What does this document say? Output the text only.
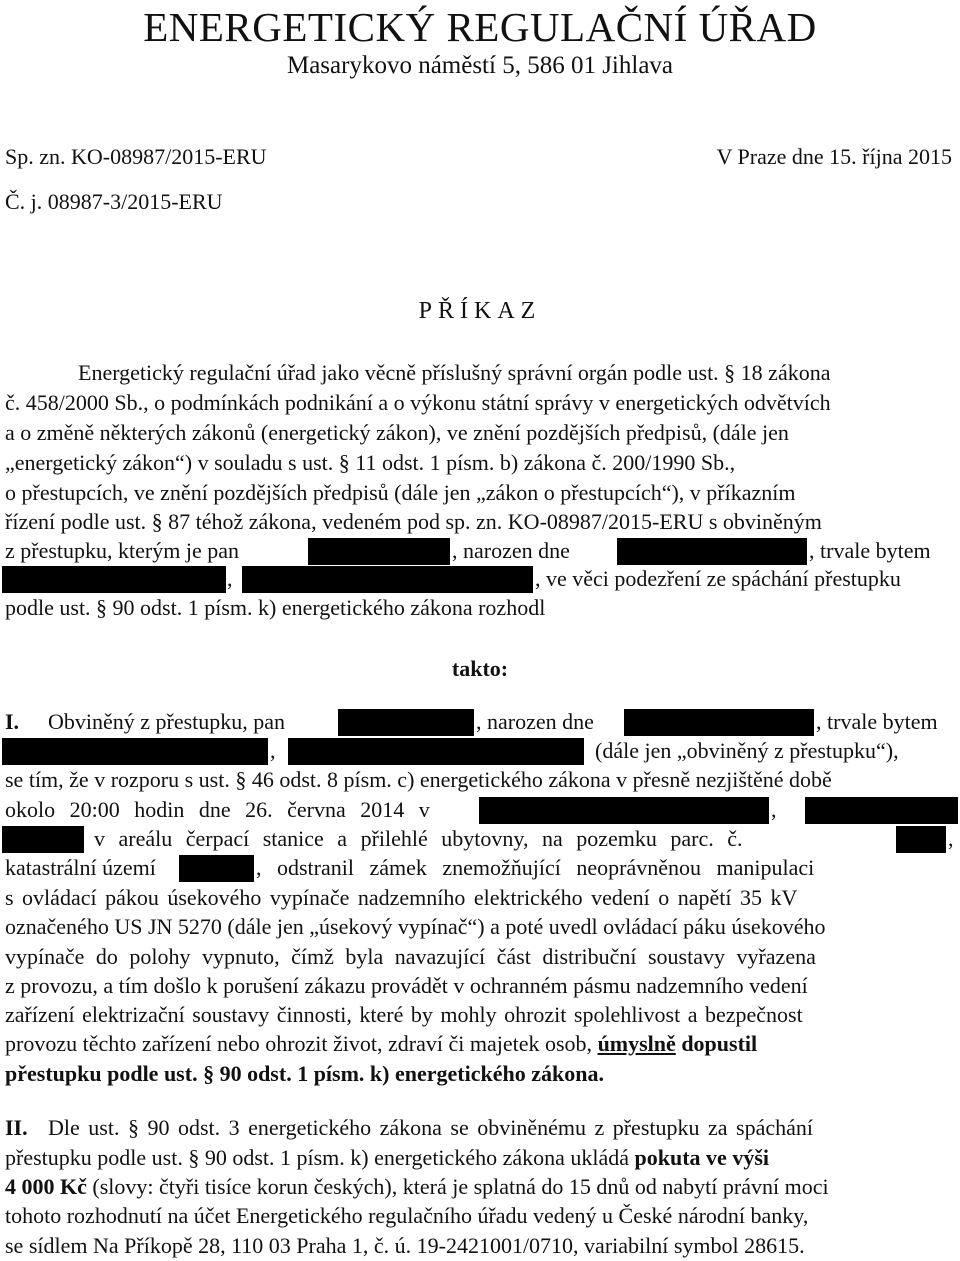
ENERGETICKÝ REGULAČNÍ ÚŘAD
Masarykovo náměstí 5, 586 01 Jihlava
Sp. zn. KO-08987/2015-ERU	V Praze dne 15. října 2015
Č. j. 08987-3/2015-ERU
PŘÍKAZ
Energetický regulační úřad jako věcně příslušný správní orgán podle ust. § 18 zákona
č. 458/2000 Sb., o podmínkách podnikání a o výkonu státní správy v energetických odvětvích
a o změně některých zákonů (energetický zákon), ve znění pozdějších předpisů, (dále jen
„energetický zákon“) v souladu s ust. § 11 odst. 1 písm. b) zákona č. 200/1990 Sb.,
o přestupcích, ve znění pozdějších předpisů (dále jen „zákon o přestupcích“), v příkazním
řízení podle ust. § 87 téhož zákona, vedeném pod sp. zn. KO-08987/2015-ERU s obviněným
z přestupku, kterým je pan	, narozen dne	, trvale bytem
,	, ve věci podezření ze spáchání přestupku
podle ust. § 90 odst. 1 písm. k) energetického zákona rozhodl
takto:
I. Obviněný z přestupku, pan	, narozen dne	, trvale bytem
,	(dále jen „obviněný z přestupku“),
se tím, že v rozporu s ust. § 46 odst. 8 písm. c) energetického zákona v přesně nezjištěné době
okolo 20:00 hodin dne 26. června 2014 v	,
v areálu čerpací stanice a přilehlé ubytovny, na pozemku parc. č.	,
katastrální území	, odstranil zámek znemožňující neoprávněnou manipulaci
s ovládací pákou úsekového vypínače nadzemního elektrického vedení o napětí 35 kV
označeného US JN 5270 (dále jen „úsekový vypínač“) a poté uvedl ovládací páku úsekového
vypínače do polohy vypnuto, čímž byla navazující část distribuční soustavy vyřazena
z provozu, a tím došlo k porušení zákazu provádět v ochranném pásmu nadzemního vedení
zařízení elektrizační soustavy činnosti, které by mohly ohrozit spolehlivost a bezpečnost
provozu těchto zařízení nebo ohrozit život, zdraví či majetek osob, úmyslně dopustil
přestupku podle ust. § 90 odst. 1 písm. k) energetického zákona.
II. Dle ust. § 90 odst. 3 energetického zákona se obviněnému z přestupku za spáchání
přestupku podle ust. § 90 odst. 1 písm. k) energetického zákona ukládá pokuta ve výši
4 000 Kč (slovy: čtyři tisíce korun českých), která je splatná do 15 dnů od nabytí právní moci
tohoto rozhodnutí na účet Energetického regulačního úřadu vedený u České národní banky,
se sídlem Na Příkopě 28, 110 03 Praha 1, č. ú. 19-2421001/0710, variabilní symbol 28615.
